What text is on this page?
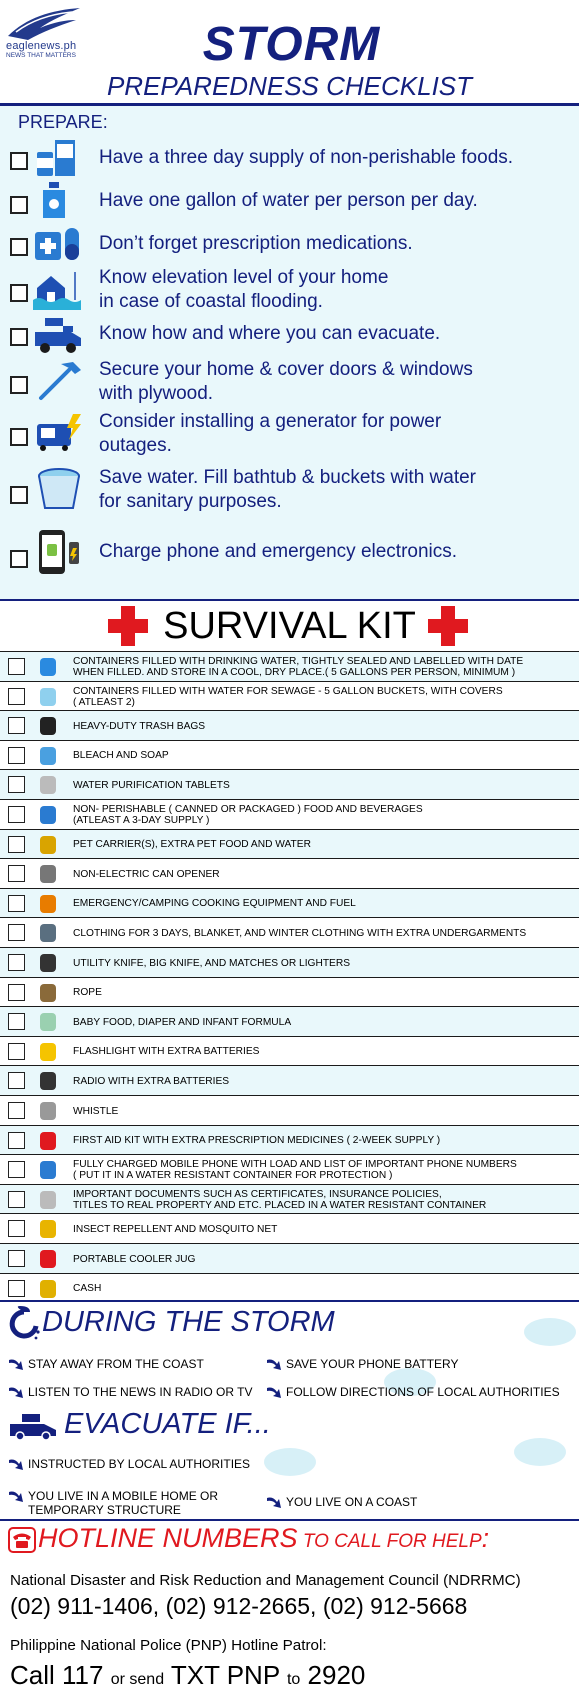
eaglenews.ph
NEWS THAT MATTERS	STORM
PREPAREDNESS CHECKLIST
PREPARE:
Have a three day supply of non-perishable foods.
Have one gallon of water per person per day.
Don’t forget prescription medications.
Know elevation level of your home
in case of coastal flooding.
Know how and where you can evacuate.
Secure your home & cover doors & windows
with plywood.
Consider installing a generator for power
outages.
Save water. Fill bathtub & buckets with water
for sanitary purposes.
Charge phone and emergency electronics.
SURVIVAL KIT
CONTAINERS FILLED WITH DRINKING WATER, TIGHTLY SEALED AND LABELLED WITH DATE
WHEN FILLED. AND STORE IN A COOL, DRY PLACE.( 5 GALLONS PER PERSON, MINIMUM )
CONTAINERS FILLED WITH WATER FOR SEWAGE - 5 GALLON BUCKETS, WITH COVERS
( ATLEAST 2)
HEAVY-DUTY TRASH BAGS
BLEACH AND SOAP
WATER PURIFICATION TABLETS
NON- PERISHABLE ( CANNED OR PACKAGED ) FOOD AND BEVERAGES
(ATLEAST A 3-DAY SUPPLY )
PET CARRIER(S), EXTRA PET FOOD AND WATER
NON-ELECTRIC CAN OPENER
EMERGENCY/CAMPING COOKING EQUIPMENT AND FUEL
CLOTHING FOR 3 DAYS, BLANKET, AND WINTER CLOTHING WITH EXTRA UNDERGARMENTS
UTILITY KNIFE, BIG KNIFE, AND MATCHES OR LIGHTERS
ROPE
BABY FOOD, DIAPER AND INFANT FORMULA
FLASHLIGHT WITH EXTRA BATTERIES
RADIO WITH EXTRA BATTERIES
WHISTLE
FIRST AID KIT WITH EXTRA PRESCRIPTION MEDICINES ( 2-WEEK SUPPLY )
FULLY CHARGED MOBILE PHONE WITH LOAD AND LIST OF IMPORTANT PHONE NUMBERS
( PUT IT IN A WATER RESISTANT CONTAINER FOR PROTECTION )
IMPORTANT DOCUMENTS SUCH AS CERTIFICATES, INSURANCE POLICIES,
TITLES TO REAL PROPERTY AND ETC. PLACED IN A WATER RESISTANT CONTAINER
INSECT REPELLENT AND MOSQUITO NET
PORTABLE COOLER JUG
CASH
DURING THE STORM
STAY AWAY FROM THE COAST	SAVE YOUR PHONE BATTERY
LISTEN TO THE NEWS IN RADIO OR TV	FOLLOW DIRECTIONS OF LOCAL AUTHORITIES
EVACUATE IF...
INSTRUCTED BY LOCAL AUTHORITIES
YOU LIVE IN A MOBILE HOME OR
TEMPORARY STRUCTURE
YOU LIVE ON A COAST
HOTLINE NUMBERS TO CALL FOR HELP:
National Disaster and Risk Reduction and Management Council (NDRRMC)
(02) 911-1406, (02) 912-2665, (02) 912-5668
Philippine National Police (PNP) Hotline Patrol:
Call 117 or send TXT PNP to 2920
